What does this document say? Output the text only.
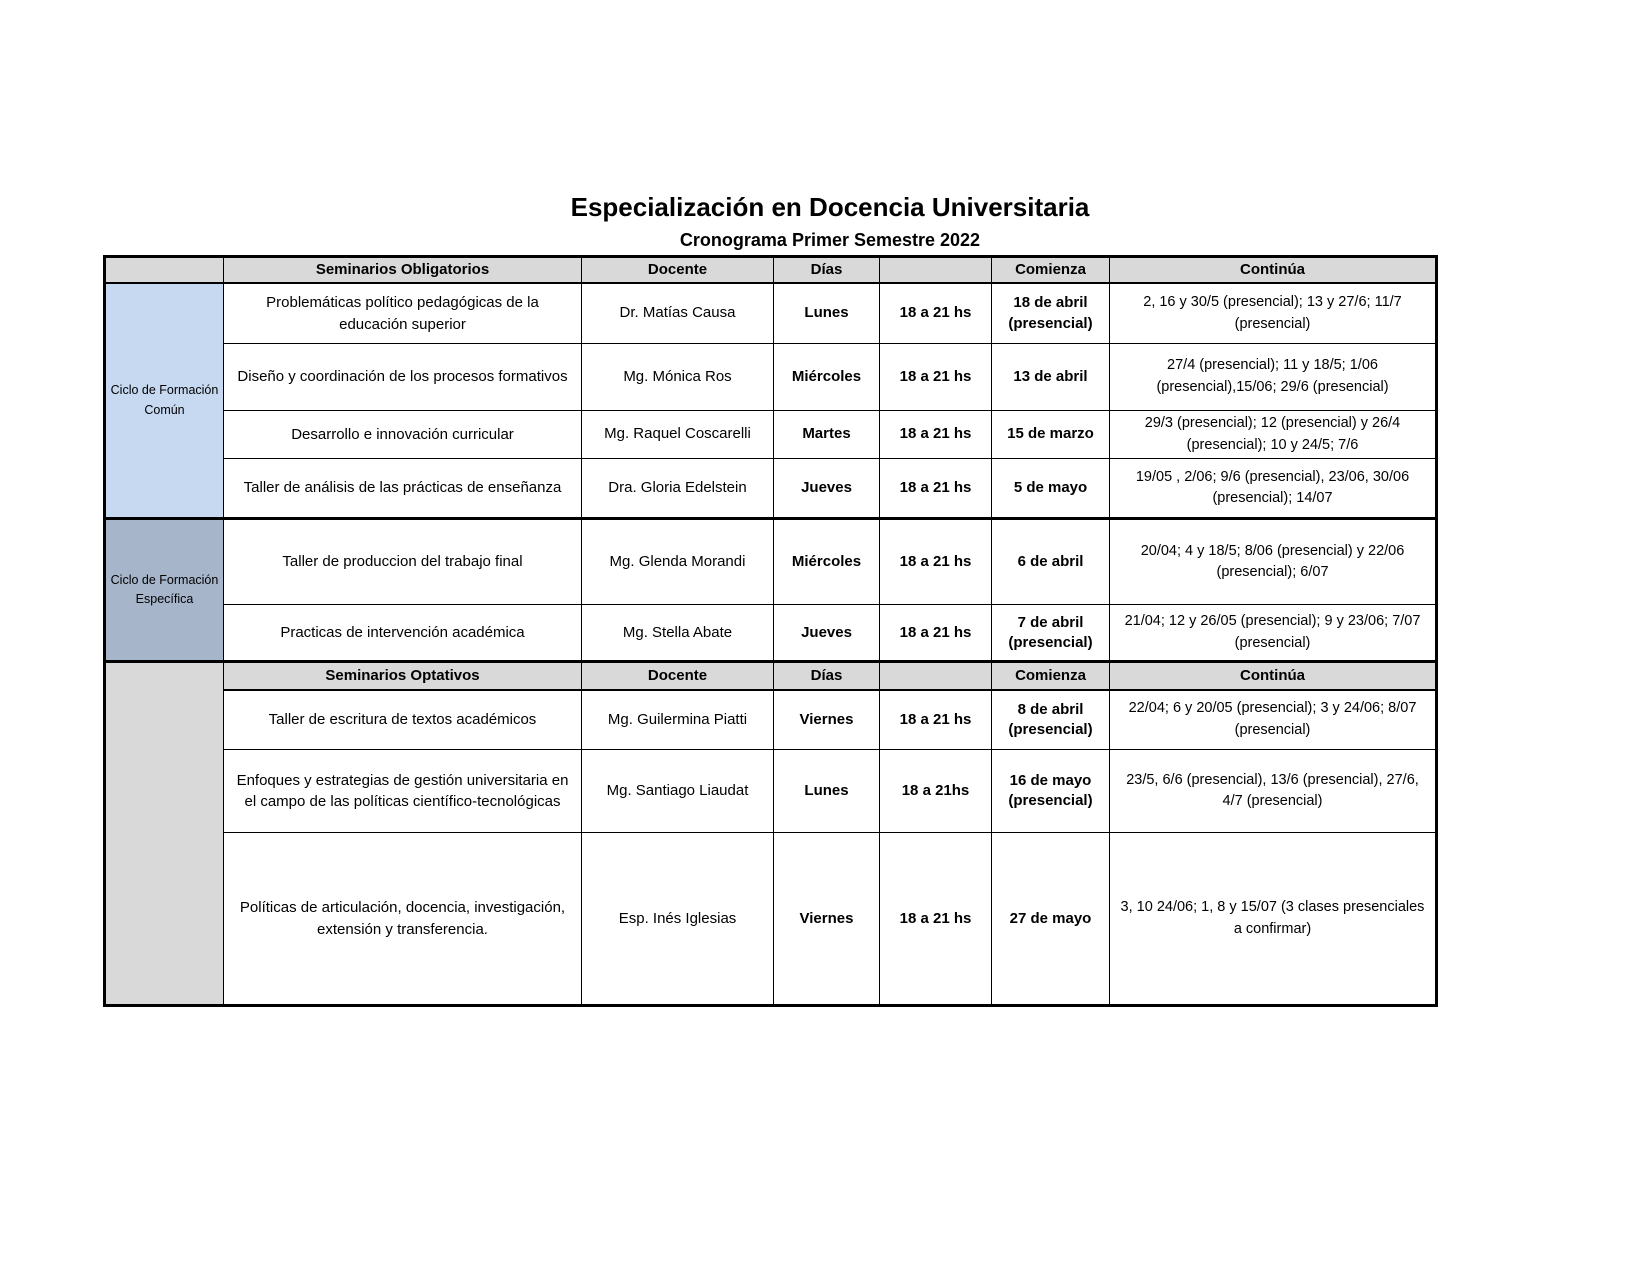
Especialización en Docencia Universitaria
Cronograma Primer Semestre 2022
	Seminarios Obligatorios	Docente	Días		Comienza	Continúa
Ciclo de Formación Común	Problemáticas político pedagógicas de la educación superior	Dr. Matías Causa	Lunes	18 a 21 hs	18 de abril (presencial)	2, 16 y 30/5 (presencial); 13 y 27/6; 11/7 (presencial)
	Diseño y coordinación de los procesos formativos	Mg. Mónica Ros	Miércoles	18 a 21 hs	13 de abril	27/4 (presencial); 11 y 18/5; 1/06 (presencial),15/06; 29/6 (presencial)
	Desarrollo e innovación curricular	Mg. Raquel Coscarelli	Martes	18 a 21 hs	15 de marzo	29/3 (presencial); 12 (presencial) y 26/4 (presencial); 10 y 24/5; 7/6
	Taller de análisis de las prácticas de enseñanza	Dra. Gloria Edelstein	Jueves	18 a 21 hs	5 de mayo	19/05 , 2/06; 9/6 (presencial), 23/06, 30/06 (presencial); 14/07
Ciclo de Formación Específica	Taller de produccion del trabajo final	Mg. Glenda Morandi	Miércoles	18 a 21 hs	6 de abril	20/04; 4 y 18/5; 8/06 (presencial) y 22/06 (presencial); 6/07
	Practicas de intervención académica	Mg. Stella Abate	Jueves	18 a 21 hs	7 de abril (presencial)	21/04; 12 y 26/05 (presencial); 9 y 23/06; 7/07 (presencial)
	Seminarios Optativos	Docente	Días		Comienza	Continúa
	Taller de escritura de textos académicos	Mg. Guilermina Piatti	Viernes	18 a 21 hs	8 de abril (presencial)	22/04; 6 y 20/05 (presencial); 3 y 24/06; 8/07 (presencial)
	Enfoques y estrategias de gestión universitaria en el campo de las políticas científico-tecnológicas	Mg. Santiago Liaudat	Lunes	18 a 21hs	16 de mayo (presencial)	23/5, 6/6 (presencial), 13/6 (presencial), 27/6, 4/7 (presencial)
	Políticas de articulación, docencia, investigación, extensión y transferencia.	Esp. Inés Iglesias	Viernes	18 a 21 hs	27 de mayo	3, 10 24/06; 1, 8 y 15/07 (3 clases presenciales a confirmar)
